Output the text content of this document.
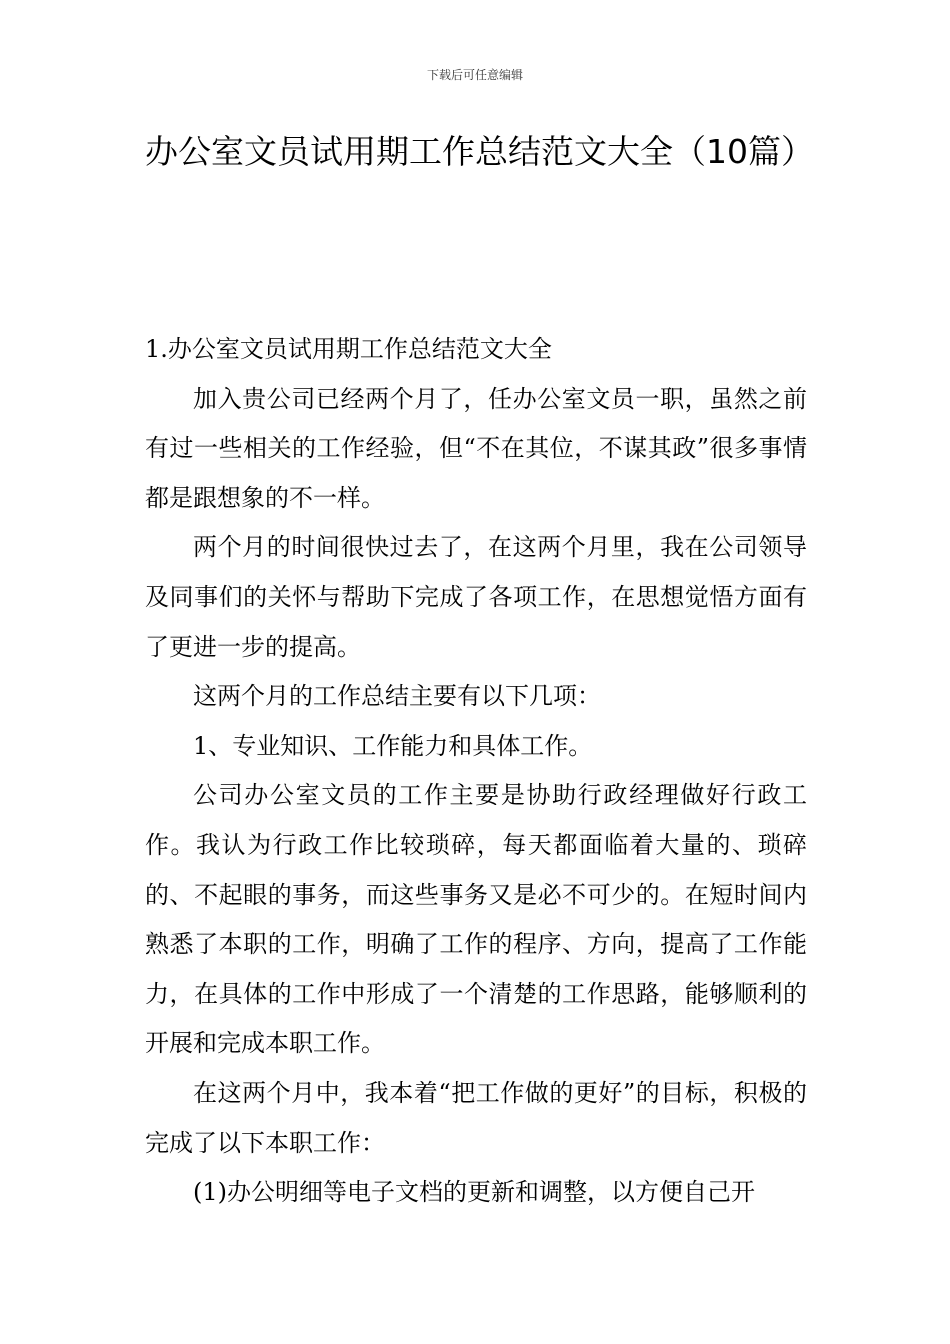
下载后可任意编辑
办公室文员试用期工作总结范文大全（10篇）

1.办公室文员试用期工作总结范文大全

加入贵公司已经两个月了，任办公室文员一职，虽然之前有过一些相关的工作经验，但“不在其位，不谋其政”很多事情都是跟想象的不一样。

两个月的时间很快过去了，在这两个月里，我在公司领导及同事们的关怀与帮助下完成了各项工作，在思想觉悟方面有了更进一步的提高。

这两个月的工作总结主要有以下几项：

1、专业知识、工作能力和具体工作。

公司办公室文员的工作主要是协助行政经理做好行政工作。我认为行政工作比较琐碎，每天都面临着大量的、琐碎的、不起眼的事务，而这些事务又是必不可少的。在短时间内熟悉了本职的工作，明确了工作的程序、方向，提高了工作能力，在具体的工作中形成了一个清楚的工作思路，能够顺利的开展和完成本职工作。

在这两个月中，我本着“把工作做的更好”的目标，积极的完成了以下本职工作：

(1)办公明细等电子文档的更新和调整，以方便自己开
